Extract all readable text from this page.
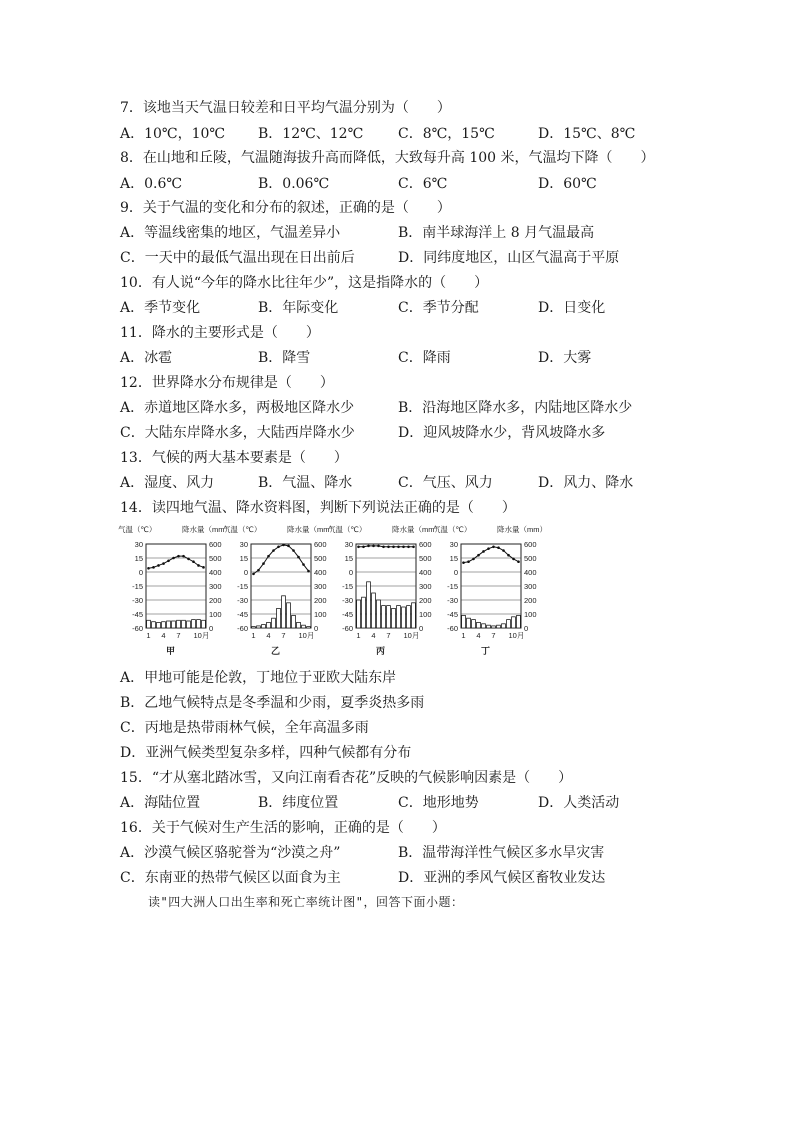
7．该地当天气温日较差和日平均气温分别为（　　）
A．10℃，10℃ B．12℃、12℃ C．8℃，15℃	D．15℃、8℃
8．在山地和丘陵，气温随海拔升高而降低，大致每升高 100 米，气温均下降（　　）
A．0.6℃	B．0.06℃	C．6℃	D．60℃
9．关于气温的变化和分布的叙述，正确的是（　　）
A．等温线密集的地区，气温差异小	B．南半球海洋上 8 月气温最高
C．一天中的最低气温出现在日出前后	D．同纬度地区，山区气温高于平原
10．有人说“今年的降水比往年少”，这是指降水的（　　）
A．季节变化	B．年际变化	C．季节分配	D．日变化
11．降水的主要形式是（　　）
A．冰雹	B．降雪	C．降雨	D．大雾
12．世界降水分布规律是（　　）
A．赤道地区降水多，两极地区降水少	B．沿海地区降水多，内陆地区降水少
C．大陆东岸降水多，大陆西岸降水少	D．迎风坡降水少，背风坡降水多
13．气候的两大基本要素是（　　）
A．湿度、风力	B．气温、降水	C．气压、风力	D．风力、降水
14．读四地气温、降水资料图，判断下列说法正确的是（　　）
气温（℃）	降水量（mm）
30	600
15	500
0	400
-15	300
-30	200
-45	100
-60	0
1 4 7 10月
甲
气温（℃）	降水量（mm）
30	600
15	500
0	400
-15	300
-30	200
-45	100
-60	0
1 4 7 10月
乙
气温（℃）	降水量（mm）
30	600
15	500
0	400
-15	300
-30	200
-45	100
-60	0
1 4 7 10月
丙
气温（℃）	降水量（mm）
30	600
15	500
0	400
-15	300
-30	200
-45	100
-60	0
1 4 7 10月
丁
A．甲地可能是伦敦，丁地位于亚欧大陆东岸
B．乙地气候特点是冬季温和少雨，夏季炎热多雨
C．丙地是热带雨林气候，全年高温多雨
D．亚洲气候类型复杂多样，四种气候都有分布
15．“才从塞北踏冰雪，又向江南看杏花”反映的气候影响因素是（　　）
A．海陆位置	B．纬度位置	C．地形地势	D．人类活动
16．关于气候对生产生活的影响，正确的是（　　）
A．沙漠气候区骆驼誉为“沙漠之舟”	B．温带海洋性气候区多水旱灾害
C．东南亚的热带气候区以面食为主	D．亚洲的季风气候区畜牧业发达
读"四大洲人口出生率和死亡率统计图"，回答下面小题：
